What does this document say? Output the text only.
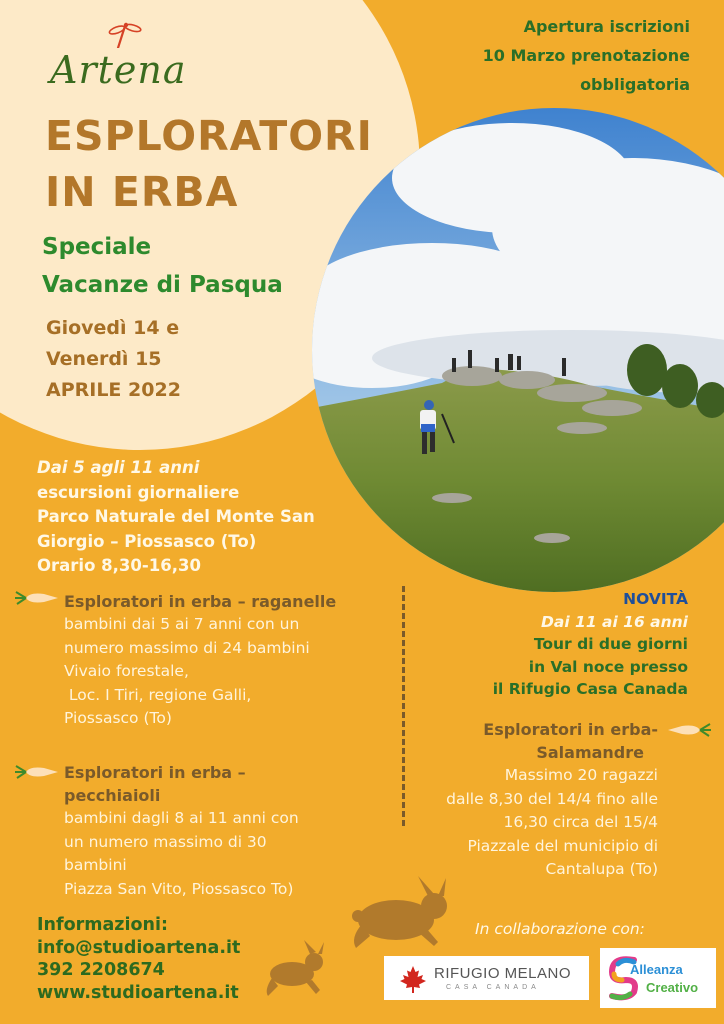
Artena
ESPLORATORI
IN ERBA
Speciale
Vacanze di Pasqua
Giovedì 14 e
Venerdì 15
APRILE 2022
Apertura iscrizioni
10 Marzo prenotazione
obbligatoria
Dai 5 agli 11 anni
escursioni giornaliere
Parco Naturale del Monte San
Giorgio – Piossasco (To)
Orario 8,30-16,30
Esploratori in erba – raganelle
bambini dai 5 ai 7 anni con un
numero massimo di 24 bambini
Vivaio forestale,
Loc. I Tiri, regione Galli,
Piossasco (To)
Esploratori in erba –
pecchiaioli
bambini dagli 8 ai 11 anni con
un numero massimo di 30
bambini
Piazza San Vito, Piossasco To)
NOVITÀ
Dai 11 ai 16 anni
Tour di due giorni
in Val noce presso
il Rifugio Casa Canada
Esploratori in erba-
Salamandre
Massimo 20 ragazzi
dalle 8,30 del 14/4 fino alle
16,30 circa del 15/4
Piazzale del municipio di
Cantalupa (To)
Informazioni:
info@studioartena.it
392 2208674
www.studioartena.it
In collaborazione con:
RIFUGIO MELANO
CASA CANADA
Alleanza
Creativo
